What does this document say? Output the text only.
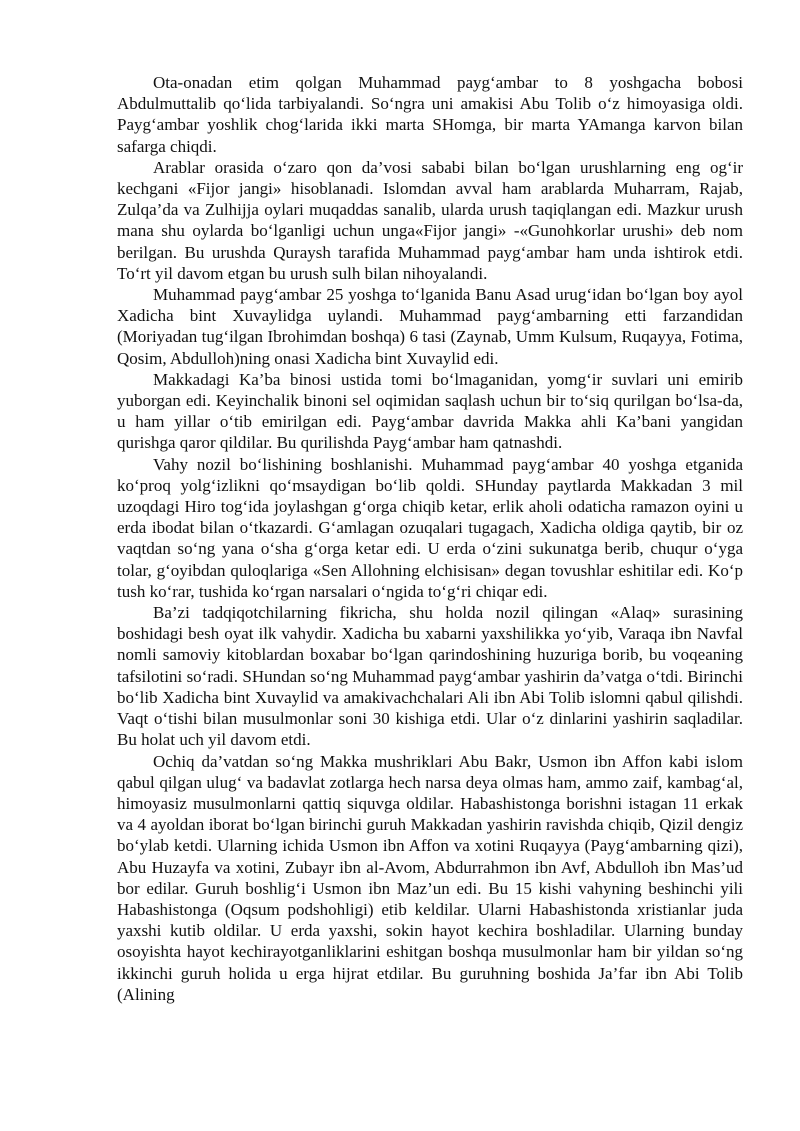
Ota-onadan etim qolgan Muhammad payg‘ambar to 8 yoshgacha bobosi Abdulmuttalib qo‘lida tarbiyalandi. So‘ngra uni amakisi Abu Tolib o‘z himoyasiga oldi. Payg‘ambar yoshlik chog‘larida ikki marta SHomga, bir marta YAmanga karvon bilan safarga chiqdi.

Arablar orasida o‘zaro qon da’vosi sababi bilan bo‘lgan urushlarning eng og‘ir kechgani «Fijor jangi» hisoblanadi. Islomdan avval ham arablarda Muharram, Rajab, Zulqa’da va Zulhijja oylari muqaddas sanalib, ularda urush taqiqlangan edi. Mazkur urush mana shu oylarda bo‘lganligi uchun unga«Fijor jangi» -«Gunohkorlar urushi» deb nom berilgan. Bu urushda Quraysh tarafida Muhammad payg‘ambar ham unda ishtirok etdi. To‘rt yil davom etgan bu urush sulh bilan nihoyalandi.

Muhammad payg‘ambar 25 yoshga to‘lganida Banu Asad urug‘idan bo‘lgan boy ayol Xadicha bint Xuvaylidga uylandi. Muhammad payg‘ambarning etti farzandidan (Moriyadan tug‘ilgan Ibrohimdan boshqa) 6 tasi (Zaynab, Umm Kulsum, Ruqayya, Fotima, Qosim, Abdulloh)ning onasi Xadicha bint Xuvaylid edi.

Makkadagi Ka’ba binosi ustida tomi bo‘lmaganidan, yomg‘ir suvlari uni emirib yuborgan edi. Keyinchalik binoni sel oqimidan saqlash uchun bir to‘siq qurilgan bo‘lsa-da, u ham yillar o‘tib emirilgan edi. Payg‘ambar davrida Makka ahli Ka’bani yangidan qurishga qaror qildilar. Bu qurilishda Payg‘ambar ham qatnashdi.

Vahy nozil bo‘lishining boshlanishi. Muhammad payg‘ambar 40 yoshga etganida ko‘proq yolg‘izlikni qo‘msaydigan bo‘lib qoldi. SHunday paytlarda Makkadan 3 mil uzoqdagi Hiro tog‘ida joylashgan g‘orga chiqib ketar, erlik aholi odaticha ramazon oyini u erda ibodat bilan o‘tkazardi. G‘amlagan ozuqalari tugagach, Xadicha oldiga qaytib, bir oz vaqtdan so‘ng yana o‘sha g‘orga ketar edi. U erda o‘zini sukunatga berib, chuqur o‘yga tolar, g‘oyibdan quloqlariga «Sen Allohning elchisisan» degan tovushlar eshitilar edi. Ko‘p tush ko‘rar, tushida ko‘rgan narsalari o‘ngida to‘g‘ri chiqar edi.

Ba’zi tadqiqotchilarning fikricha, shu holda nozil qilingan «Alaq» surasining boshidagi besh oyat ilk vahydir. Xadicha bu xabarni yaxshilikka yo‘yib, Varaqa ibn Navfal nomli samoviy kitoblardan boxabar bo‘lgan qarindoshining huzuriga borib, bu voqeaning tafsilotini so‘radi. SHundan so‘ng Muhammad payg‘ambar yashirin da’vatga o‘tdi. Birinchi bo‘lib Xadicha bint Xuvaylid va amakivachchalari Ali ibn Abi Tolib islomni qabul qilishdi. Vaqt o‘tishi bilan musulmonlar soni 30 kishiga etdi. Ular o‘z dinlarini yashirin saqladilar. Bu holat uch yil davom etdi.

Ochiq da’vatdan so‘ng Makka mushriklari Abu Bakr, Usmon ibn Affon kabi islom qabul qilgan ulug‘ va badavlat zotlarga hech narsa deya olmas ham, ammo zaif, kambag‘al, himoyasiz musulmonlarni qattiq siquvga oldilar. Habashistonga borishni istagan 11 erkak va 4 ayoldan iborat bo‘lgan birinchi guruh Makkadan yashirin ravishda chiqib, Qizil dengiz bo‘ylab ketdi. Ularning ichida Usmon ibn Affon va xotini Ruqayya (Payg‘ambarning qizi), Abu Huzayfa va xotini, Zubayr ibn al-Avom, Abdurrahmon ibn Avf, Abdulloh ibn Mas’ud bor edilar. Guruh boshlig‘i Usmon ibn Maz’un edi. Bu 15 kishi vahyning beshinchi yili Habashistonga (Oqsum podshohligi) etib keldilar. Ularni Habashistonda xristianlar juda yaxshi kutib oldilar. U erda yaxshi, sokin hayot kechira boshladilar. Ularning bunday osoyishta hayot kechirayotganliklarini eshitgan boshqa musulmonlar ham bir yildan so‘ng ikkinchi guruh holida u erga hijrat etdilar. Bu guruhning boshida Ja’far ibn Abi Tolib (Alining
